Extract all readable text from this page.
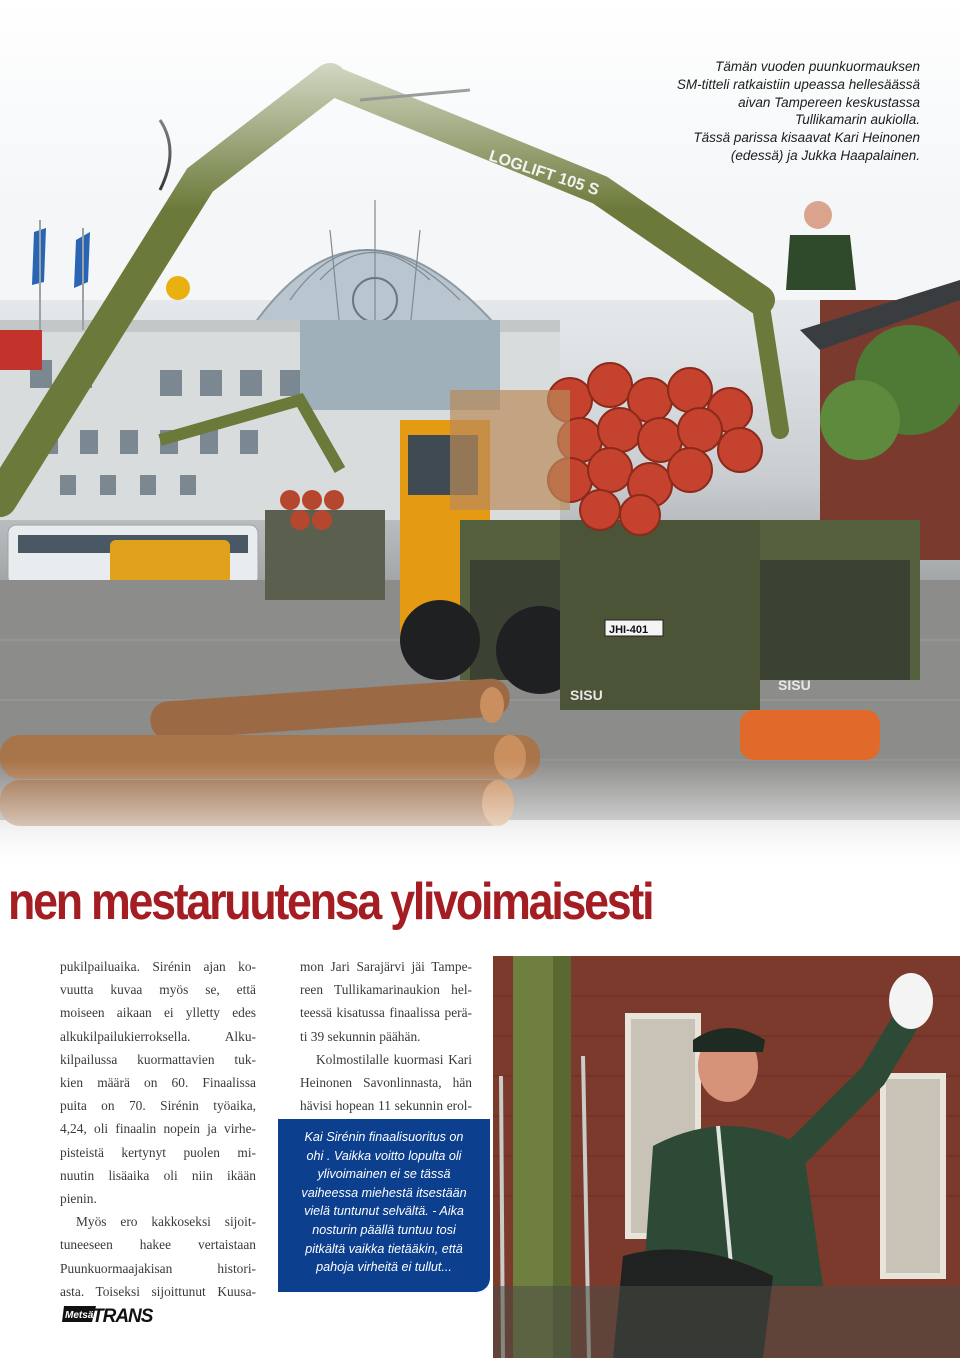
JHI-401
SISU
SISU
Tämän vuoden puunkuormauksen
SM-titteli ratkaistiin upeassa hellesäässä
aivan Tampereen keskustassa
Tullikamarin aukiolla.
Tässä parissa kisaavat Kari Heinonen
(edessä) ja Jukka Haapalainen.
nen mestaruutensa ylivoimaisesti

pukilpailuaika. Sirénin ajan ko-

vuutta kuvaa myös se, että

moiseen aikaan ei ylletty edes

alkukilpailukierroksella. Alku-

kilpailussa kuormattavien tuk-

kien määrä on 60. Finaalissa

puita on 70. Sirénin työaika,

4,24, oli finaalin nopein ja virhe-

pisteistä kertynyt puolen mi-

nuutin lisäaika oli niin ikään

pienin.

Myös ero kakkoseksi sijoit-

tuneeseen hakee vertaistaan

Puunkuormaajakisan histori-

asta. Toiseksi sijoittunut Kuusa-

mon Jari Sarajärvi jäi Tampe-

reen Tullikamarinaukion hel-

teessä kisatussa finaalissa perä-

ti 39 sekunnin päähän.

Kolmostilalle kuormasi Kari

Heinonen Savonlinnasta, hän

hävisi hopean 11 sekunnin erol-

Kai Sirénin finaalisuoritus on
ohi . Vaikka voitto lopulta oli
ylivoimainen ei se tässä
vaiheessa miehestä itsestään
vielä tuntunut selvältä. - Aika
nosturin päällä tuntuu tosi
pitkältä vaikka tietääkin, että
pahoja virheitä ei tullut...
Metsä
TRANS
